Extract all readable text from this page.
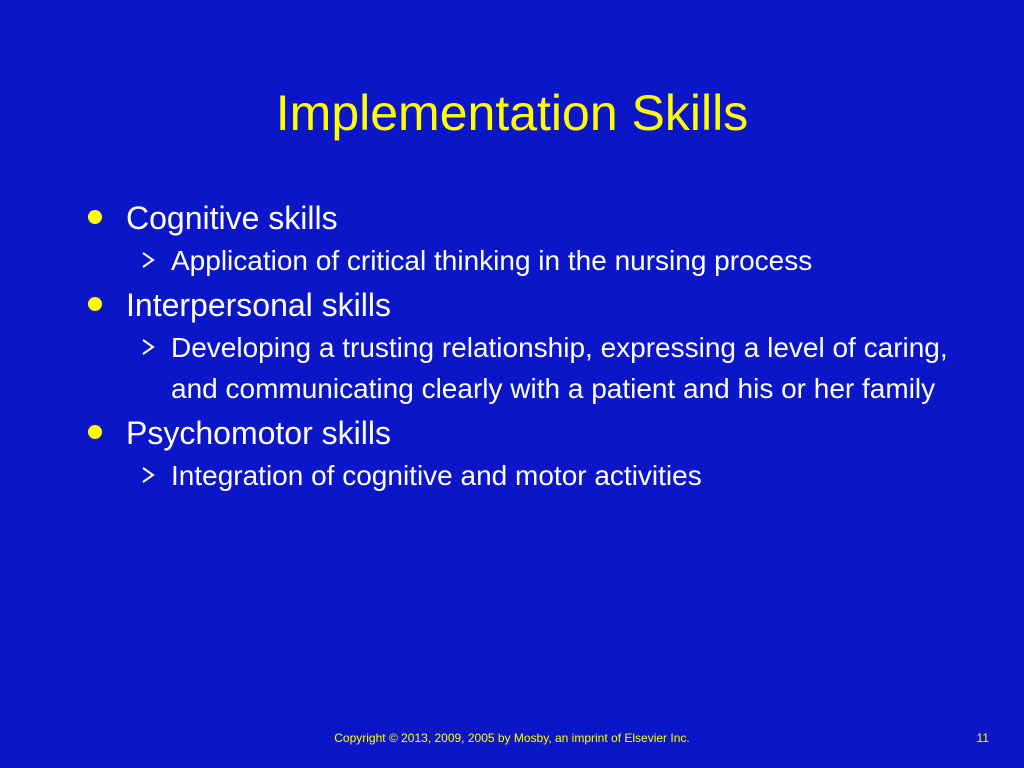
Implementation Skills
Cognitive skills
Application of critical thinking in the nursing process
Interpersonal skills
Developing a trusting relationship, expressing a level of caring, and communicating clearly with a patient and his or her family
Psychomotor skills
Integration of cognitive and motor activities
Copyright © 2013, 2009, 2005 by Mosby, an imprint of Elsevier Inc.	11
